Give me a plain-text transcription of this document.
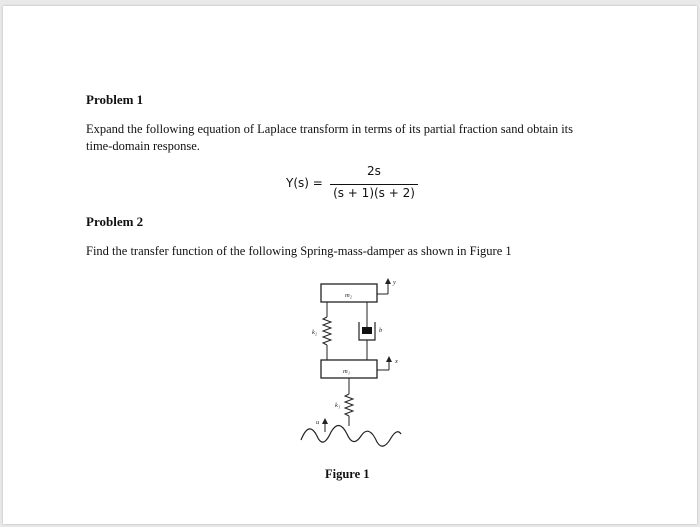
Problem 1
Expand the following equation of Laplace transform in terms of its partial fraction sand obtain its
time-domain response.
Y(s) =
2s
(s + 1)(s + 2)
Problem 2
Find the transfer function of the following Spring-mass-damper as shown in Figure 1
m₂
y
k₂	b
m₁
x
k₁
u
Figure 1
